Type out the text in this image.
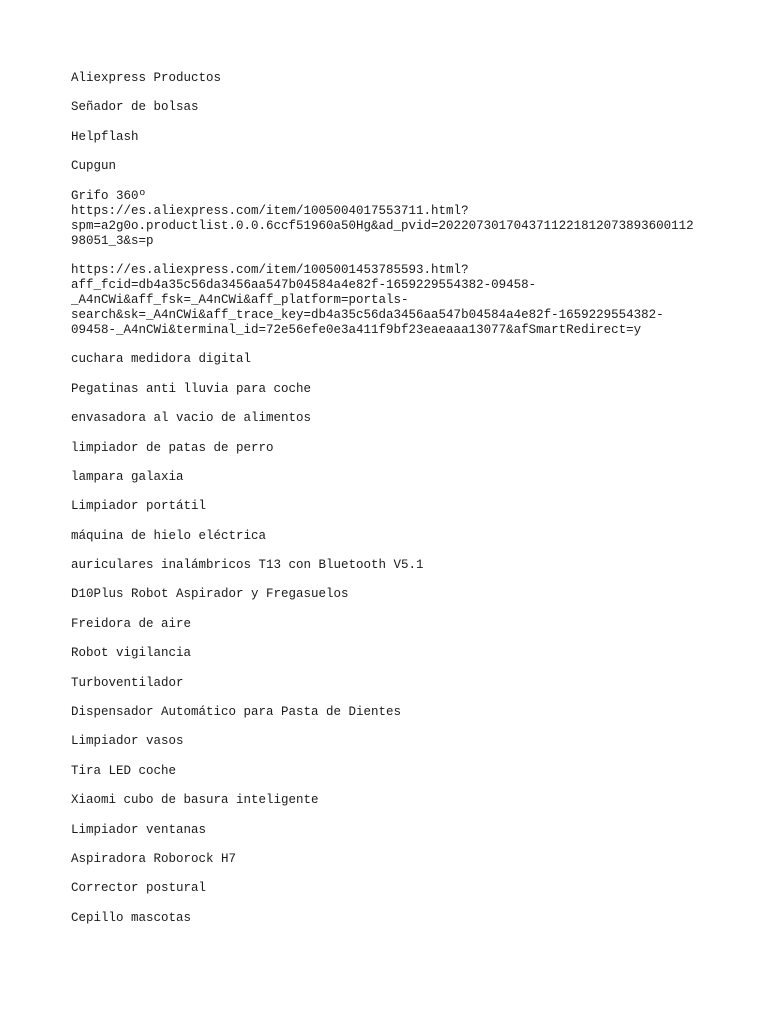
Aliexpress Productos

Señador de bolsas

Helpflash

Cupgun

Grifo 360º
https://es.aliexpress.com/item/1005004017553711.html?
spm=a2g0o.productlist.0.0.6ccf51960a50Hg&ad_pvid=2022073017043711221812073893600112
98051_3&s=p

https://es.aliexpress.com/item/1005001453785593.html?
aff_fcid=db4a35c56da3456aa547b04584a4e82f-1659229554382-09458-
_A4nCWi&aff_fsk=_A4nCWi&aff_platform=portals-
search&sk=_A4nCWi&aff_trace_key=db4a35c56da3456aa547b04584a4e82f-1659229554382-
09458-_A4nCWi&terminal_id=72e56efe0e3a411f9bf23eaeaaa13077&afSmartRedirect=y

cuchara medidora digital

Pegatinas anti lluvia para coche

envasadora al vacio de alimentos

limpiador de patas de perro

lampara galaxia

Limpiador portátil

máquina de hielo eléctrica

auriculares inalámbricos T13 con Bluetooth V5.1

D10Plus Robot Aspirador y Fregasuelos

Freidora de aire

Robot vigilancia

Turboventilador

Dispensador Automático para Pasta de Dientes

Limpiador vasos

Tira LED coche

Xiaomi cubo de basura inteligente

Limpiador ventanas

Aspiradora Roborock H7

Corrector postural

Cepillo mascotas
